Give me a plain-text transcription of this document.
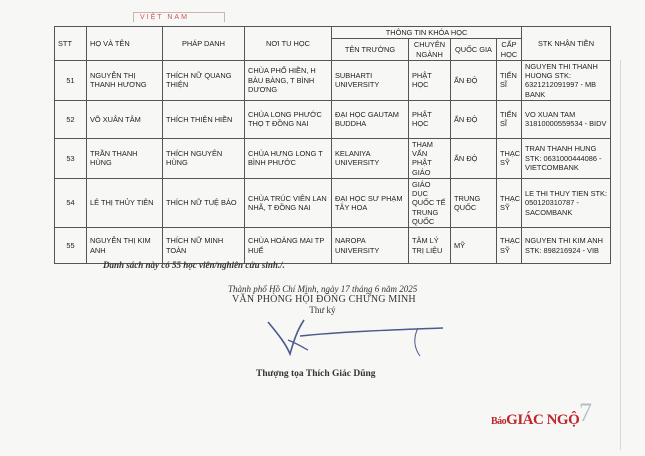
VIỆT NAM
STT	HỌ VÀ TÊN	PHÁP DANH	NƠI TU HỌC	THÔNG TIN KHÓA HỌC				STK NHẬN TIỀN
				TÊN TRƯỜNG	CHUYÊN NGÀNH	QUỐC GIA	CẤP HỌC	
51	NGUYỄN THỊ THANH HƯƠNG	THÍCH NỮ QUANG THIỆN	CHÙA PHỔ HIỀN, H BÀU BÀNG, T BÌNH DƯƠNG	SUBHARTI UNIVERSITY	PHẬT HỌC	ẤN ĐỘ	TIẾN SĨ	NGUYEN THI THANH HUONG STK: 6321212091997 - MB BANK
52	VÕ XUÂN TÂM	THÍCH THIỆN HIỀN	CHÙA LONG PHƯỚC THỌ T ĐỒNG NAI	ĐẠI HỌC GAUTAM BUDDHA	PHẬT HỌC	ẤN ĐỘ	TIẾN SĨ	VO XUAN TAM 31810000559534 - BIDV
53	TRẦN THANH HÙNG	THÍCH NGUYÊN HÙNG	CHÙA HƯNG LONG T BÌNH PHƯỚC	KELANIYA UNIVERSITY	THAM VẤN PHẬT GIÁO	ẤN ĐỘ	THẠC SỸ	TRAN THANH HUNG STK: 0631000444086 - VIETCOMBANK
54	LÊ THỊ THỦY TIÊN	THÍCH NỮ TUỆ BẢO	CHÙA TRÚC VIÊN LAN NHÃ, T ĐỒNG NAI	ĐẠI HỌC SƯ PHẠM TÂY HOA	GIÁO DỤC QUỐC TẾ TRUNG QUỐC	TRUNG QUỐC	THẠC SỸ	LE THI THUY TIEN STK: 050120310787 - SACOMBANK
55	NGUYỄN THỊ KIM ANH	THÍCH NỮ MINH TOÀN	CHÙA HOÀNG MAI TP HUẾ	NAROPA UNIVERSITY	TÂM LÝ TRỊ LIỆU	MỸ	THẠC SỸ	NGUYEN THI KIM ANH STK: 898216924 - VIB
Danh sách này có 55 học viên/nghiên cứu sinh./.
Thành phố Hồ Chí Minh, ngày 17 tháng 6 năm 2025
VĂN PHÒNG HỘI ĐỒNG CHỨNG MINH
Thư ký
Thượng tọa Thích Giác Dũng
7
BáoGIÁC NGỘ
